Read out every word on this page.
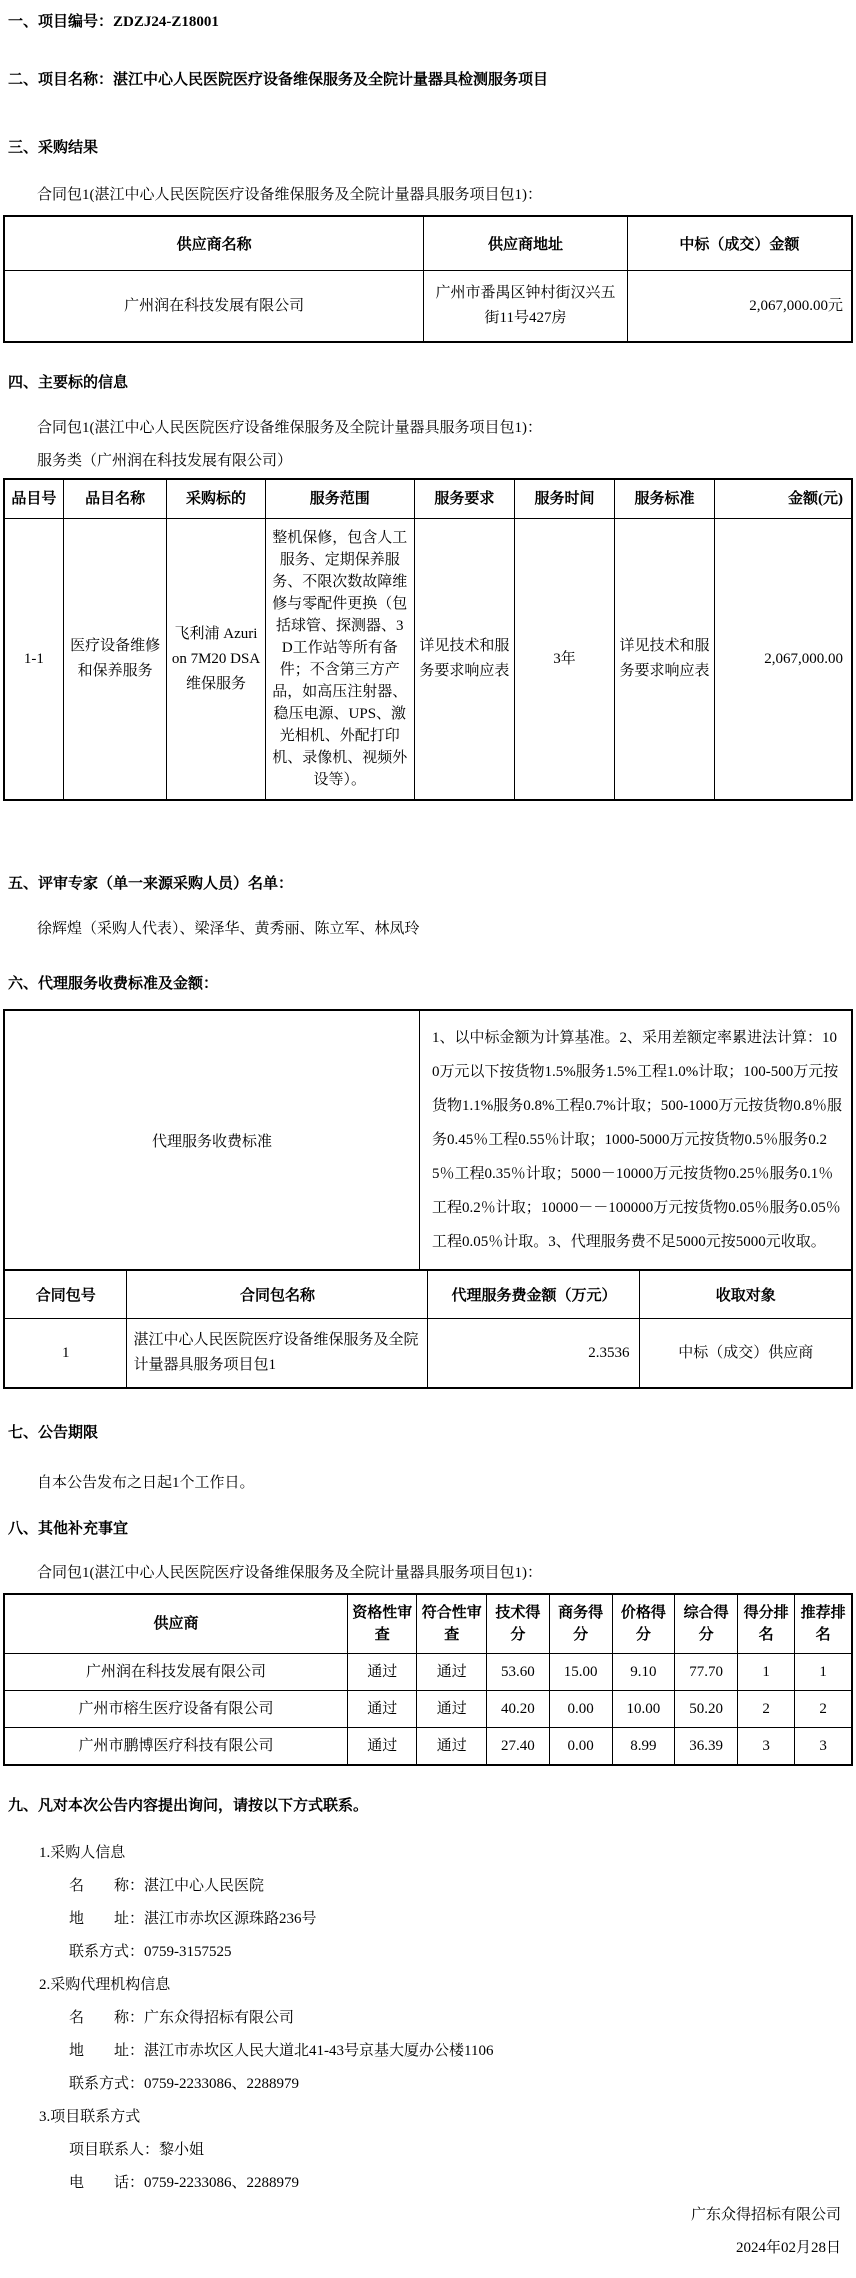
一、项目编号：ZDZJ24-Z18001
二、项目名称：湛江中心人民医院医疗设备维保服务及全院计量器具检测服务项目
三、采购结果

合同包1(湛江中心人民医院医疗设备维保服务及全院计量器具服务项目包1)：

供应商名称	供应商地址	中标（成交）金额
广州润在科技发展有限公司	广州市番禺区钟村街汉兴五街11号427房	2,067,000.00元
四、主要标的信息

合同包1(湛江中心人民医院医疗设备维保服务及全院计量器具服务项目包1)：

服务类（广州润在科技发展有限公司）

品目号	品目名称	采购标的	服务范围	服务要求	服务时间	服务标准	金额(元)
1-1	医疗设备维修和保养服务	飞利浦 Azurion 7M20 DSA维保服务	整机保修，包含人工服务、定期保养服务、不限次数故障维修与零配件更换（包括球管、探测器、3D工作站等所有备件；不含第三方产品，如高压注射器、稳压电源、UPS、激光相机、外配打印机、录像机、视频外设等）。	详见技术和服务要求响应表	3年	详见技术和服务要求响应表	2,067,000.00
五、评审专家（单一来源采购人员）名单：

徐辉煌（采购人代表）、梁泽华、黄秀丽、陈立军、林凤玲

六、代理服务收费标准及金额：
代理服务收费标准	1、以中标金额为计算基准。2、采用差额定率累进法计算：100万元以下按货物1.5%服务1.5%工程1.0%计取；100-500万元按货物1.1%服务0.8%工程0.7%计取；500-1000万元按货物0.8％服务0.45％工程0.55％计取；1000-5000万元按货物0.5％服务0.25％工程0.35％计取；5000－10000万元按货物0.25％服务0.1％工程0.2％计取；10000－－100000万元按货物0.05％服务0.05％工程0.05％计取。3、代理服务费不足5000元按5000元收取。
合同包号	合同包名称	代理服务费金额（万元）	收取对象
1	湛江中心人民医院医疗设备维保服务及全院计量器具服务项目包1	2.3536	中标（成交）供应商
七、公告期限

自本公告发布之日起1个工作日。

八、其他补充事宜

合同包1(湛江中心人民医院医疗设备维保服务及全院计量器具服务项目包1)：

供应商	资格性审查	符合性审查	技术得分	商务得分	价格得分	综合得分	得分排名	推荐排名
广州润在科技发展有限公司	通过	通过	53.60	15.00	9.10	77.70	1	1
广州市榕生医疗设备有限公司	通过	通过	40.20	0.00	10.00	50.20	2	2
广州市鹏博医疗科技有限公司	通过	通过	27.40	0.00	8.99	36.39	3	3
九、凡对本次公告内容提出询问，请按以下方式联系。

1.采购人信息

名　　称：湛江中心人民医院

地　　址：湛江市赤坎区源珠路236号

联系方式：0759-3157525

2.采购代理机构信息

名　　称：广东众得招标有限公司

地　　址：湛江市赤坎区人民大道北41-43号京基大厦办公楼1106

联系方式：0759-2233086、2288979

3.项目联系方式

项目联系人：黎小姐

电　　话：0759-2233086、2288979

广东众得招标有限公司

2024年02月28日
